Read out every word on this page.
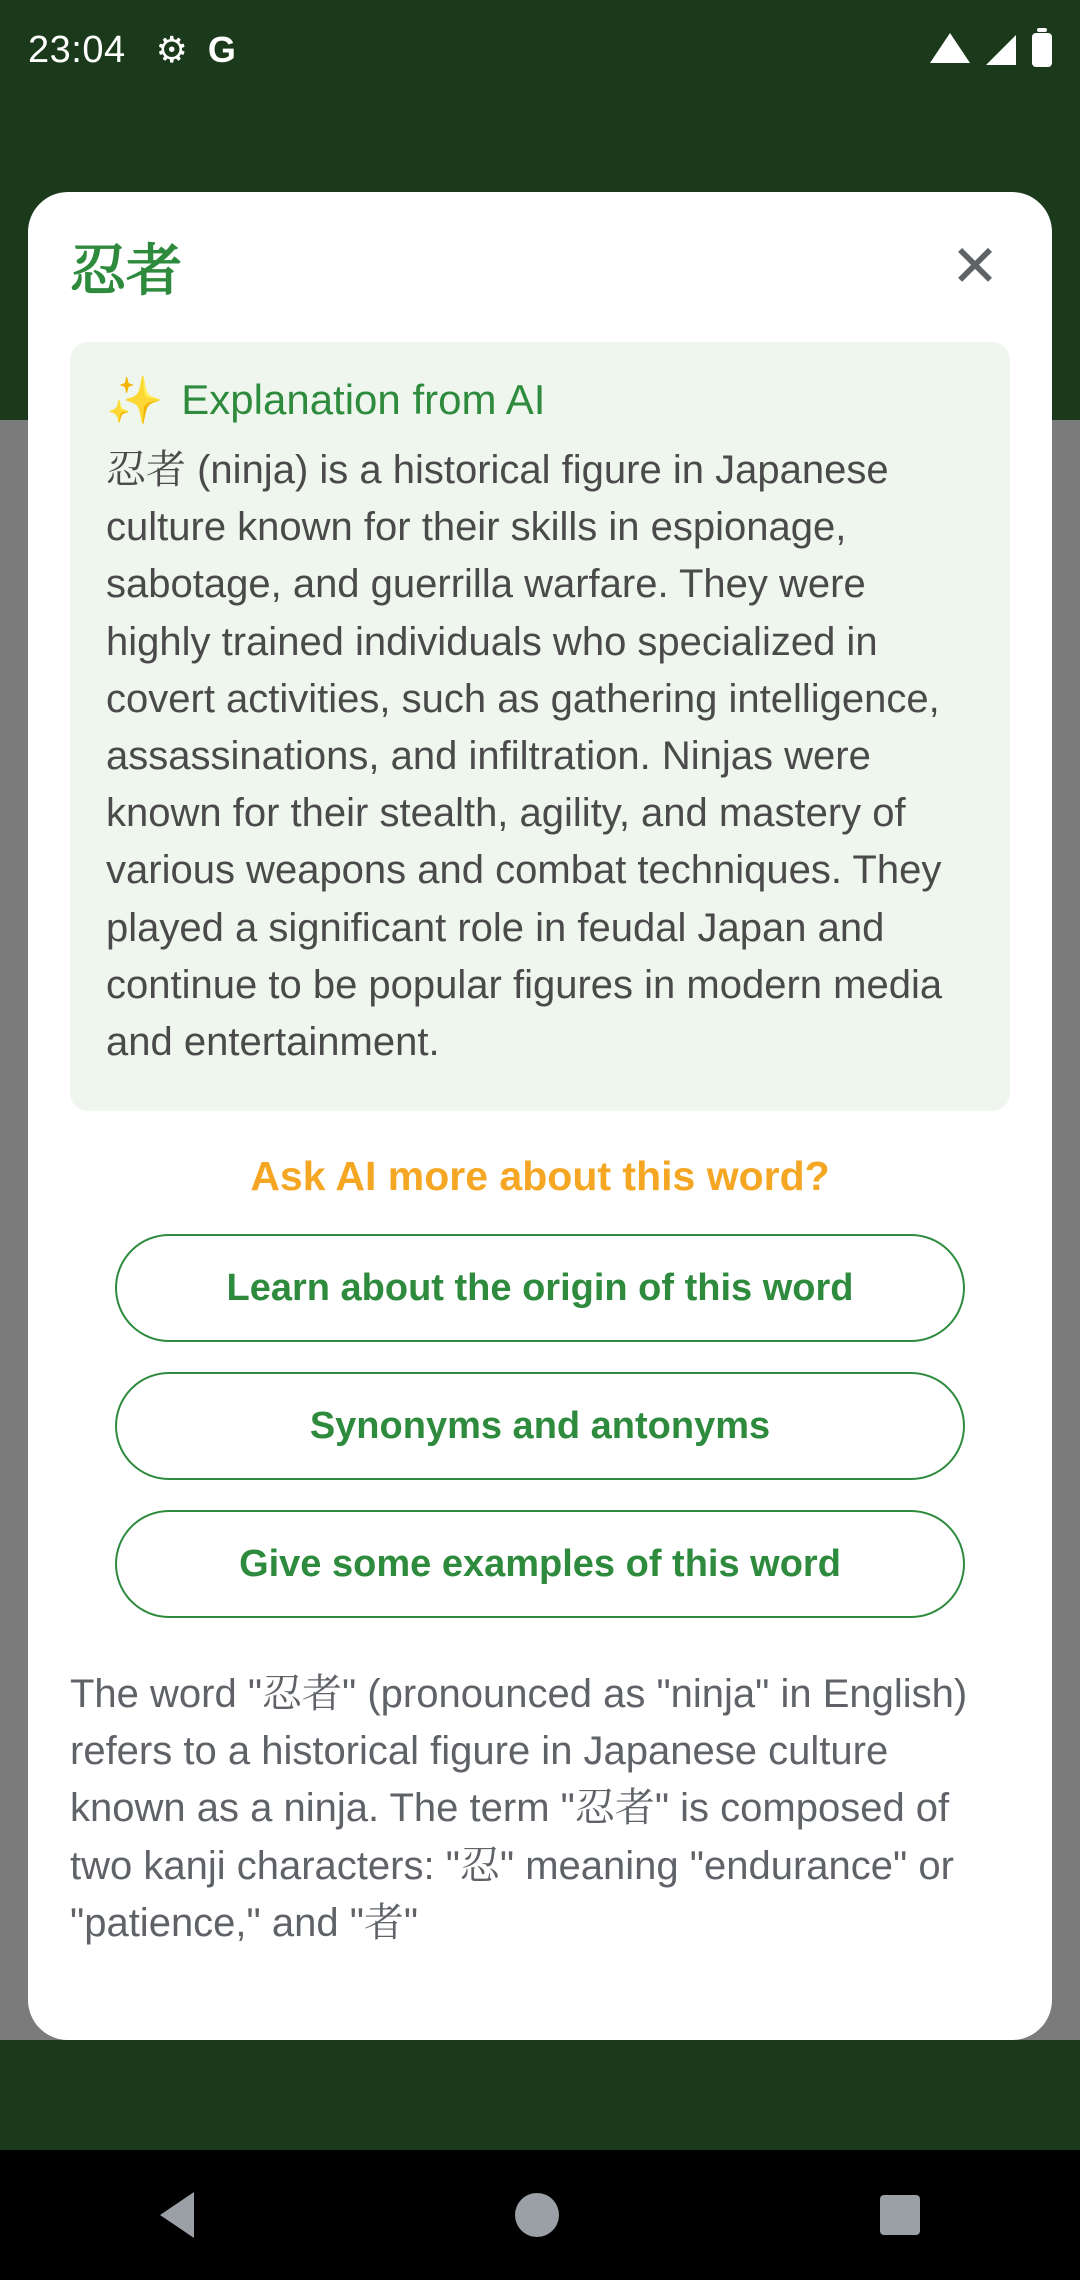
23:04 ⚙ G
忍者	✕
✨ Explanation from AI
忍者 (ninja) is a historical figure in Japanese culture known for their skills in espionage, sabotage, and guerrilla warfare. They were highly trained individuals who specialized in covert activities, such as gathering intelligence, assassinations, and infiltration. Ninjas were known for their stealth, agility, and mastery of various weapons and combat techniques. They played a significant role in feudal Japan and continue to be popular figures in modern media and entertainment.
Ask AI more about this word?
Learn about the origin of this word
Synonyms and antonyms
Give some examples of this word
The word "忍者" (pronounced as "ninja" in English) refers to a historical figure in Japanese culture known as a ninja. The term "忍者" is composed of two kanji characters: "忍" meaning "endurance" or "patience," and "者"
